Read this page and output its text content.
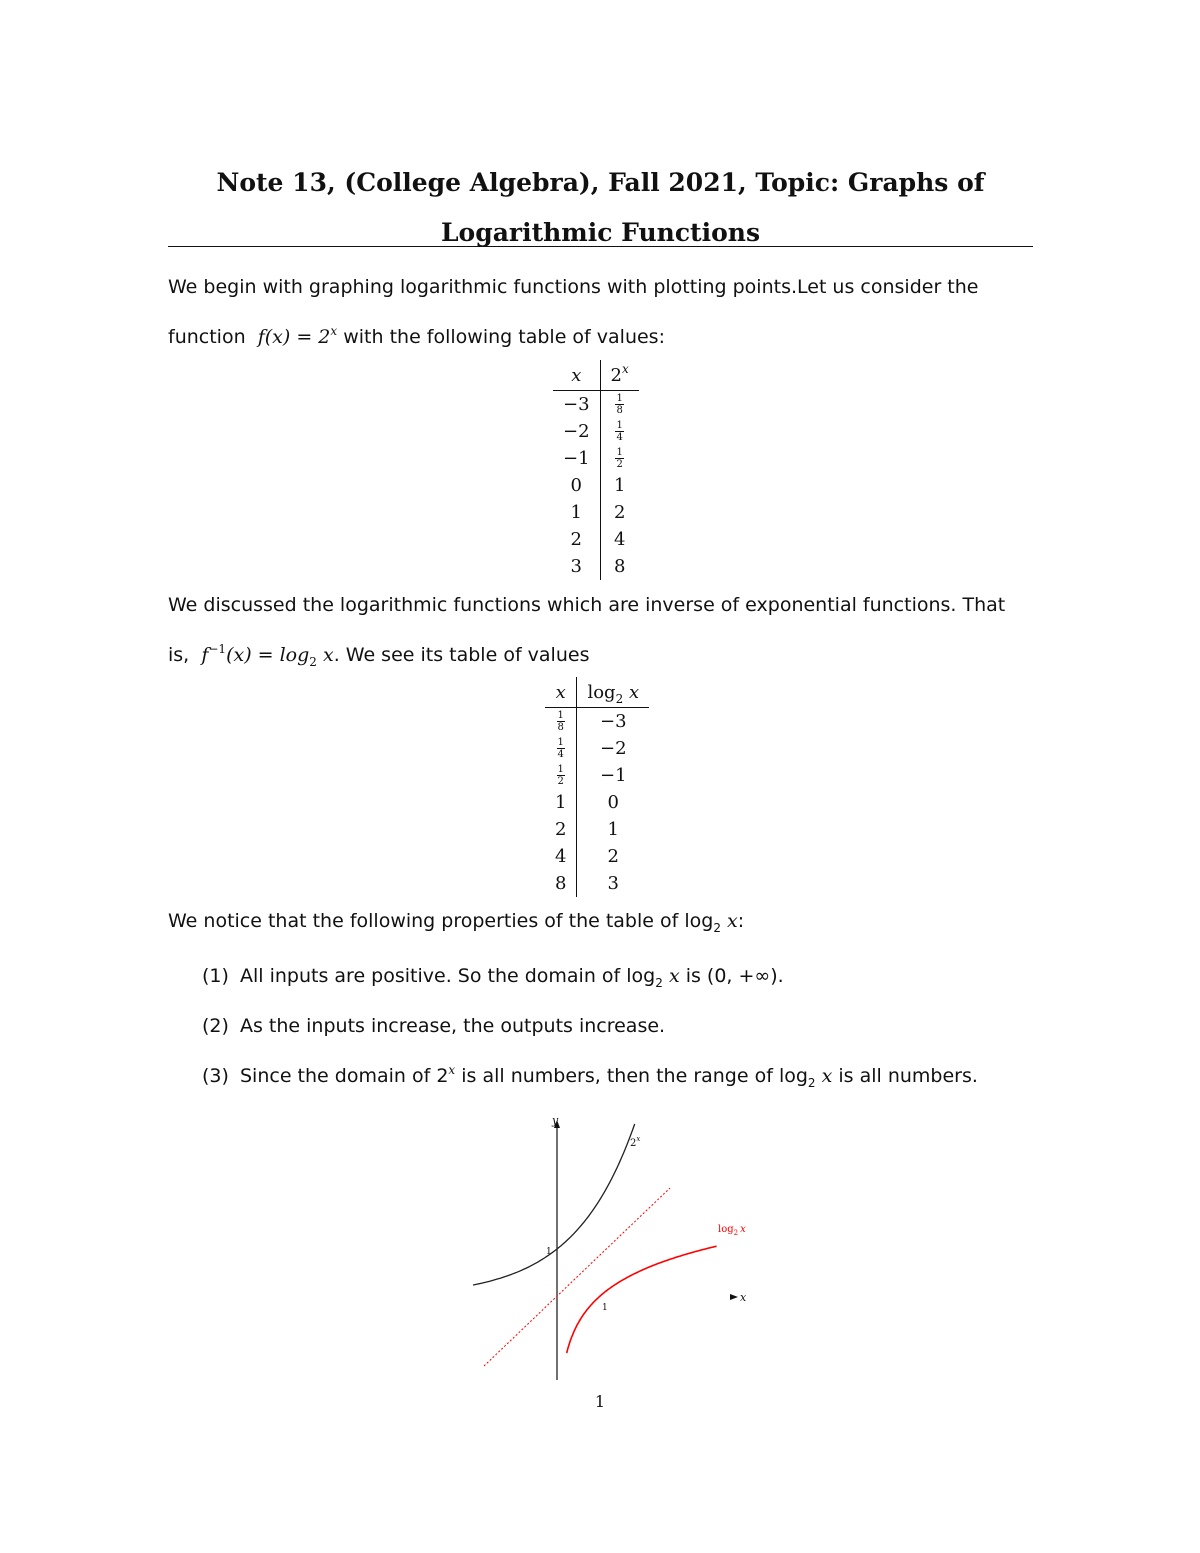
Note 13, (College Algebra), Fall 2021, Topic: Graphs of
Logarithmic Functions
We begin with graphing logarithmic functions with plotting points.Let us consider the
function $f(x) = 2^x$ with the following table of values:
x	$2^x$
−3	$\frac{1}{8}$

−2	$\frac{1}{4}$

−1	$\frac{1}{2}$

0	1
1	2
2	4
3	8
We discussed the logarithmic functions which are inverse of exponential functions. That
is, $f^{-1}(x) = \log_2 x$. We see its table of values
x	$\log_2 x$

$\frac{1}{8}$	−3

$\frac{1}{4}$	−2

$\frac{1}{2}$	−1
1	0
2	1
4	2
8	3
We notice that the following properties of the table of $\log_2 x$:
(1) All inputs are positive. So the domain of $\log_2 x$ is (0, +∞).
(2) As the inputs increase, the outputs increase.
(3) Since the domain of 2$^x$ is all numbers, then the range of $\log_2 x$ is all numbers.
y
x
2$^x$
$\log_2 x$
1
1
1
